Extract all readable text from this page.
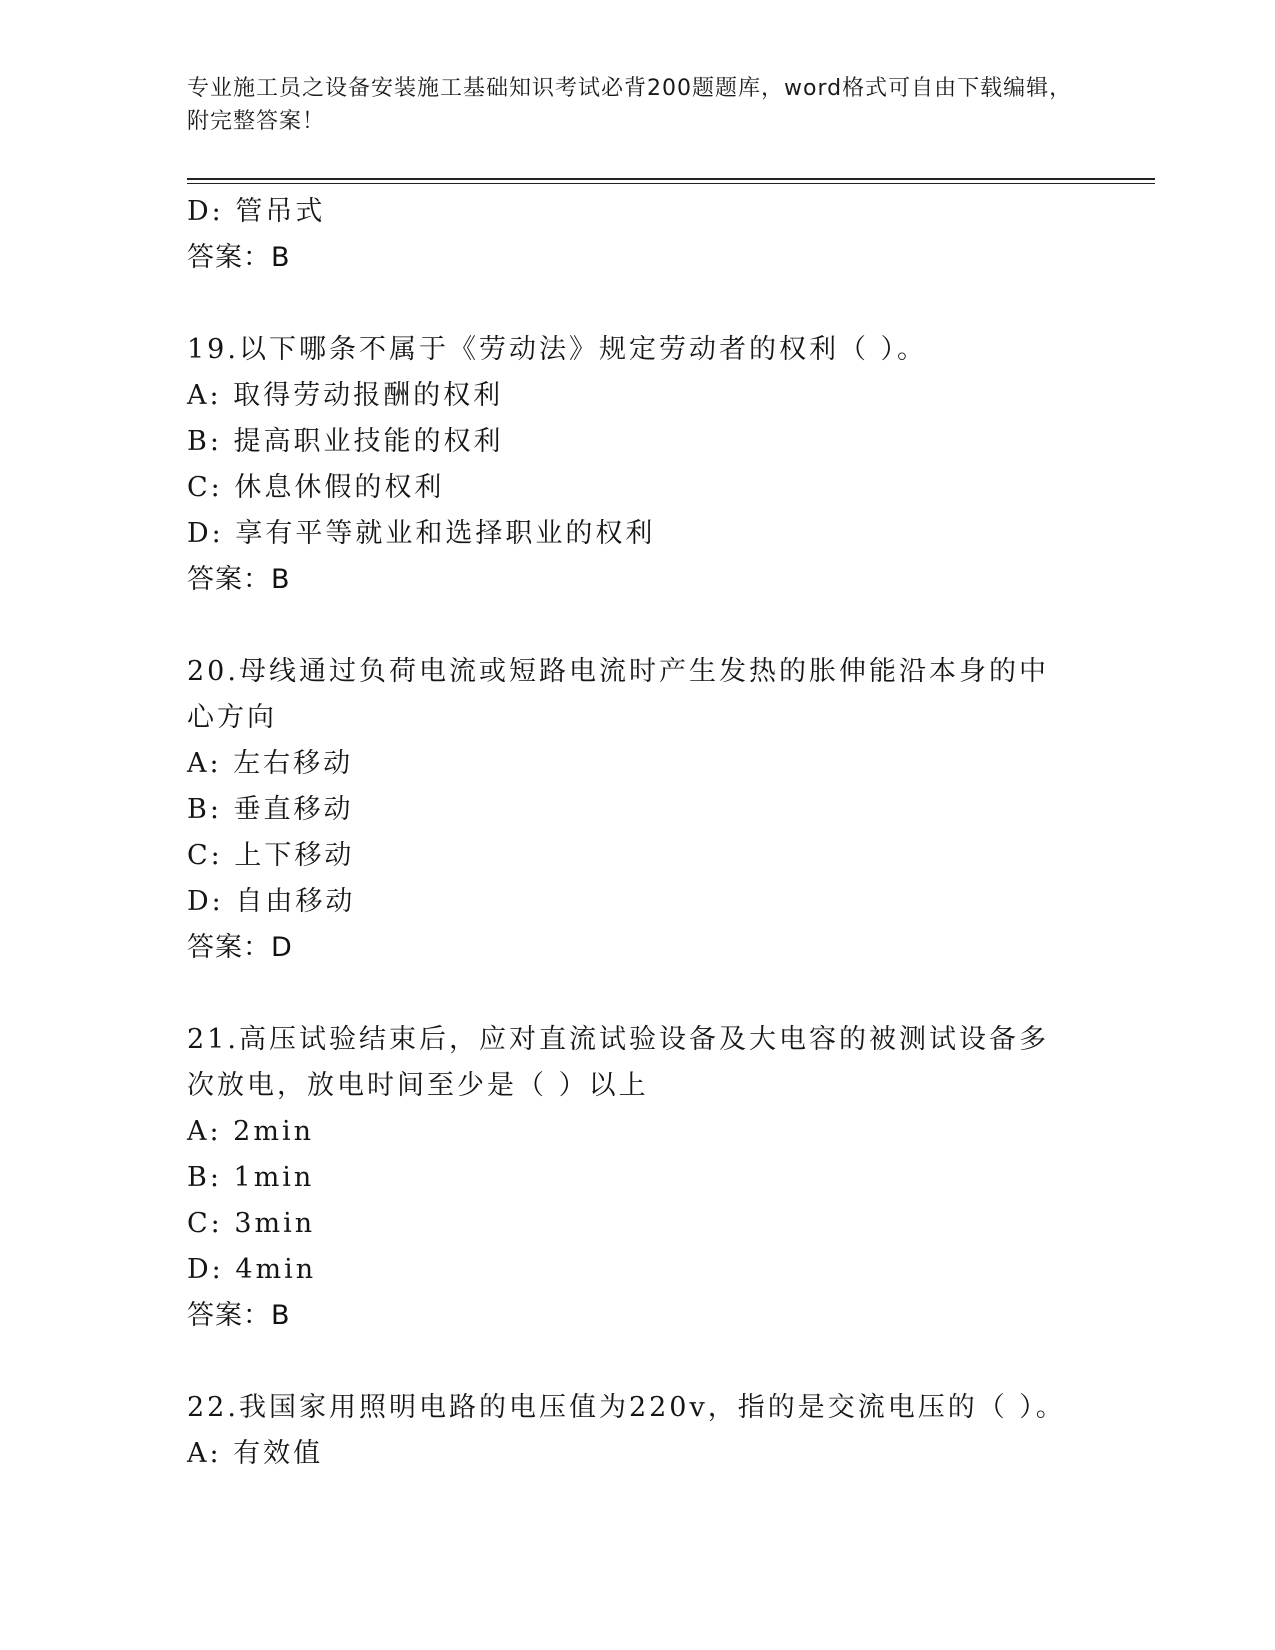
专业施工员之设备安装施工基础知识考试必背200题题库，word格式可自由下载编辑，附完整答案！
D: 管吊式
答案：B
19.以下哪条不属于《劳动法》规定劳动者的权利（ ）。
A: 取得劳动报酬的权利
B: 提高职业技能的权利
C: 休息休假的权利
D: 享有平等就业和选择职业的权利
答案：B
20.母线通过负荷电流或短路电流时产生发热的胀伸能沿本身的中心方向
A: 左右移动
B: 垂直移动
C: 上下移动
D: 自由移动
答案：D
21.高压试验结束后，应对直流试验设备及大电容的被测试设备多次放电，放电时间至少是（ ）以上
A: 2min
B: 1min
C: 3min
D: 4min
答案：B
22.我国家用照明电路的电压值为220v，指的是交流电压的（ ）。
A: 有效值
